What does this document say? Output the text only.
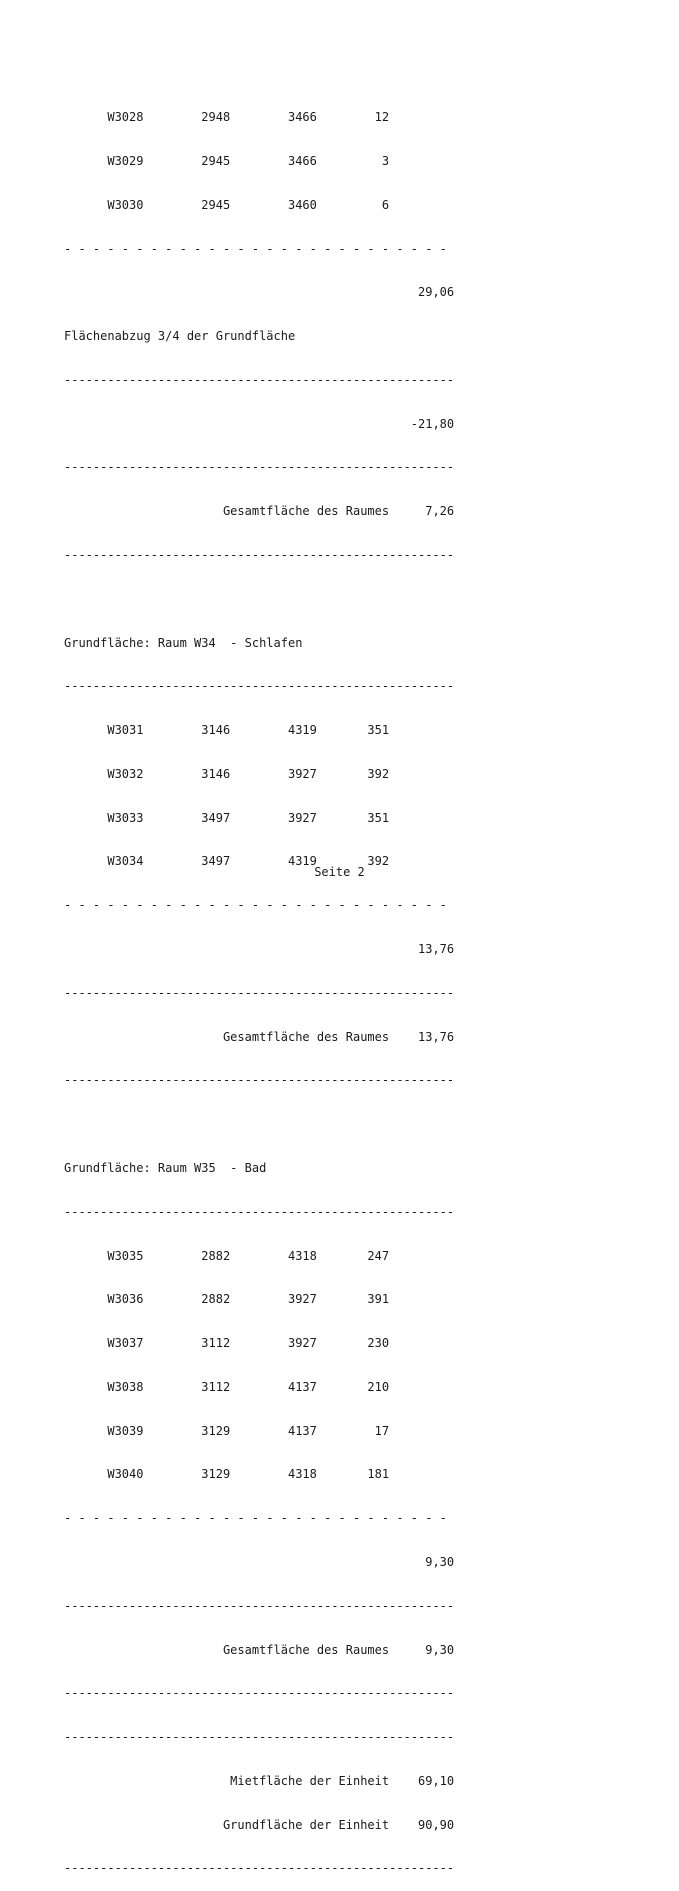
W3028        2948        3466        12

W3029        2945        3466         3

W3030        2945        3460         6

- - - - - - - - - - - - - - - - - - - - - - - - - - -

29,06

Flächenabzug 3/4 der Grundfläche

------------------------------------------------------

-21,80

------------------------------------------------------

Gesamtfläche des Raumes     7,26

------------------------------------------------------

Grundfläche: Raum W34  - Schlafen

------------------------------------------------------

W3031        3146        4319       351

W3032        3146        3927       392

W3033        3497        3927       351

W3034        3497        4319       392

- - - - - - - - - - - - - - - - - - - - - - - - - - -

13,76

------------------------------------------------------

Gesamtfläche des Raumes    13,76

------------------------------------------------------

Grundfläche: Raum W35  - Bad

------------------------------------------------------

W3035        2882        4318       247

W3036        2882        3927       391

W3037        3112        3927       230

W3038        3112        4137       210

W3039        3129        4137        17

W3040        3129        4318       181

- - - - - - - - - - - - - - - - - - - - - - - - - - -

9,30

------------------------------------------------------

Gesamtfläche des Raumes     9,30

------------------------------------------------------

------------------------------------------------------

Mietfläche der Einheit    69,10

Grundfläche der Einheit    90,90

------------------------------------------------------

Seite 2
